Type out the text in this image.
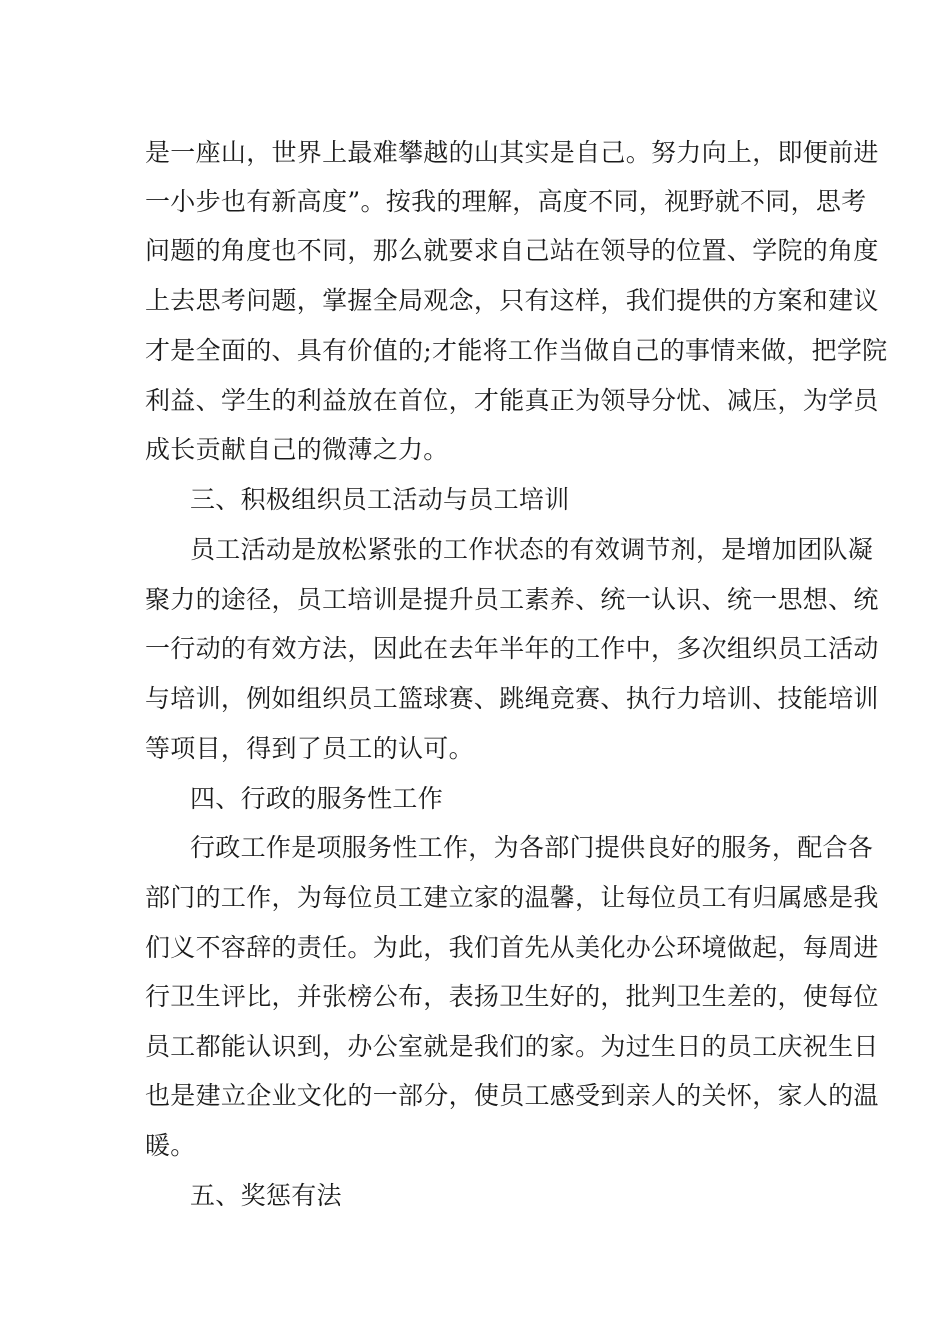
是一座山，世界上最难攀越的山其实是自己。努力向上，即便前进
一小步也有新高度”。按我的理解，高度不同，视野就不同，思考
问题的角度也不同，那么就要求自己站在领导的位置、学院的角度
上去思考问题，掌握全局观念，只有这样，我们提供的方案和建议
才是全面的、具有价值的;才能将工作当做自己的事情来做，把学院
利益、学生的利益放在首位，才能真正为领导分忧、减压，为学员
成长贡献自己的微薄之力。
三、积极组织员工活动与员工培训
员工活动是放松紧张的工作状态的有效调节剂，是增加团队凝
聚力的途径，员工培训是提升员工素养、统一认识、统一思想、统
一行动的有效方法，因此在去年半年的工作中，多次组织员工活动
与培训，例如组织员工篮球赛、跳绳竞赛、执行力培训、技能培训
等项目，得到了员工的认可。
四、行政的服务性工作
行政工作是项服务性工作，为各部门提供良好的服务，配合各
部门的工作，为每位员工建立家的温馨，让每位员工有归属感是我
们义不容辞的责任。为此，我们首先从美化办公环境做起，每周进
行卫生评比，并张榜公布，表扬卫生好的，批判卫生差的，使每位
员工都能认识到，办公室就是我们的家。为过生日的员工庆祝生日
也是建立企业文化的一部分，使员工感受到亲人的关怀，家人的温
暖。
五、奖惩有法
